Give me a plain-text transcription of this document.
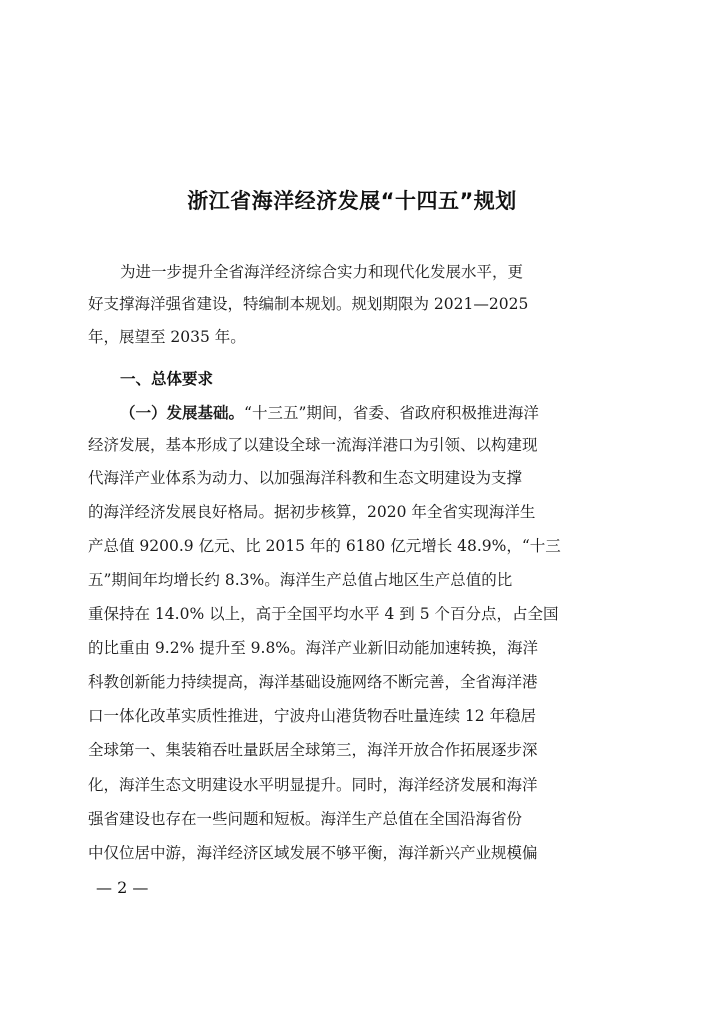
浙江省海洋经济发展“十四五”规划
为进一步提升全省海洋经济综合实力和现代化发展水平，更
好支撑海洋强省建设，特编制本规划。规划期限为 2021—2025
年，展望至 2035 年。
一、总体要求
（一）发展基础。“十三五”期间，省委、省政府积极推进海洋
经济发展，基本形成了以建设全球一流海洋港口为引领、以构建现
代海洋产业体系为动力、以加强海洋科教和生态文明建设为支撑
的海洋经济发展良好格局。据初步核算，2020 年全省实现海洋生
产总值 9200.9 亿元、比 2015 年的 6180 亿元增长 48.9%，“十三
五”期间年均增长约 8.3%。海洋生产总值占地区生产总值的比
重保持在 14.0% 以上，高于全国平均水平 4 到 5 个百分点，占全国
的比重由 9.2% 提升至 9.8%。海洋产业新旧动能加速转换，海洋
科教创新能力持续提高，海洋基础设施网络不断完善，全省海洋港
口一体化改革实质性推进，宁波舟山港货物吞吐量连续 12 年稳居
全球第一、集装箱吞吐量跃居全球第三，海洋开放合作拓展逐步深
化，海洋生态文明建设水平明显提升。同时，海洋经济发展和海洋
强省建设也存在一些问题和短板。海洋生产总值在全国沿海省份
中仅位居中游，海洋经济区域发展不够平衡，海洋新兴产业规模偏
— 2 —
